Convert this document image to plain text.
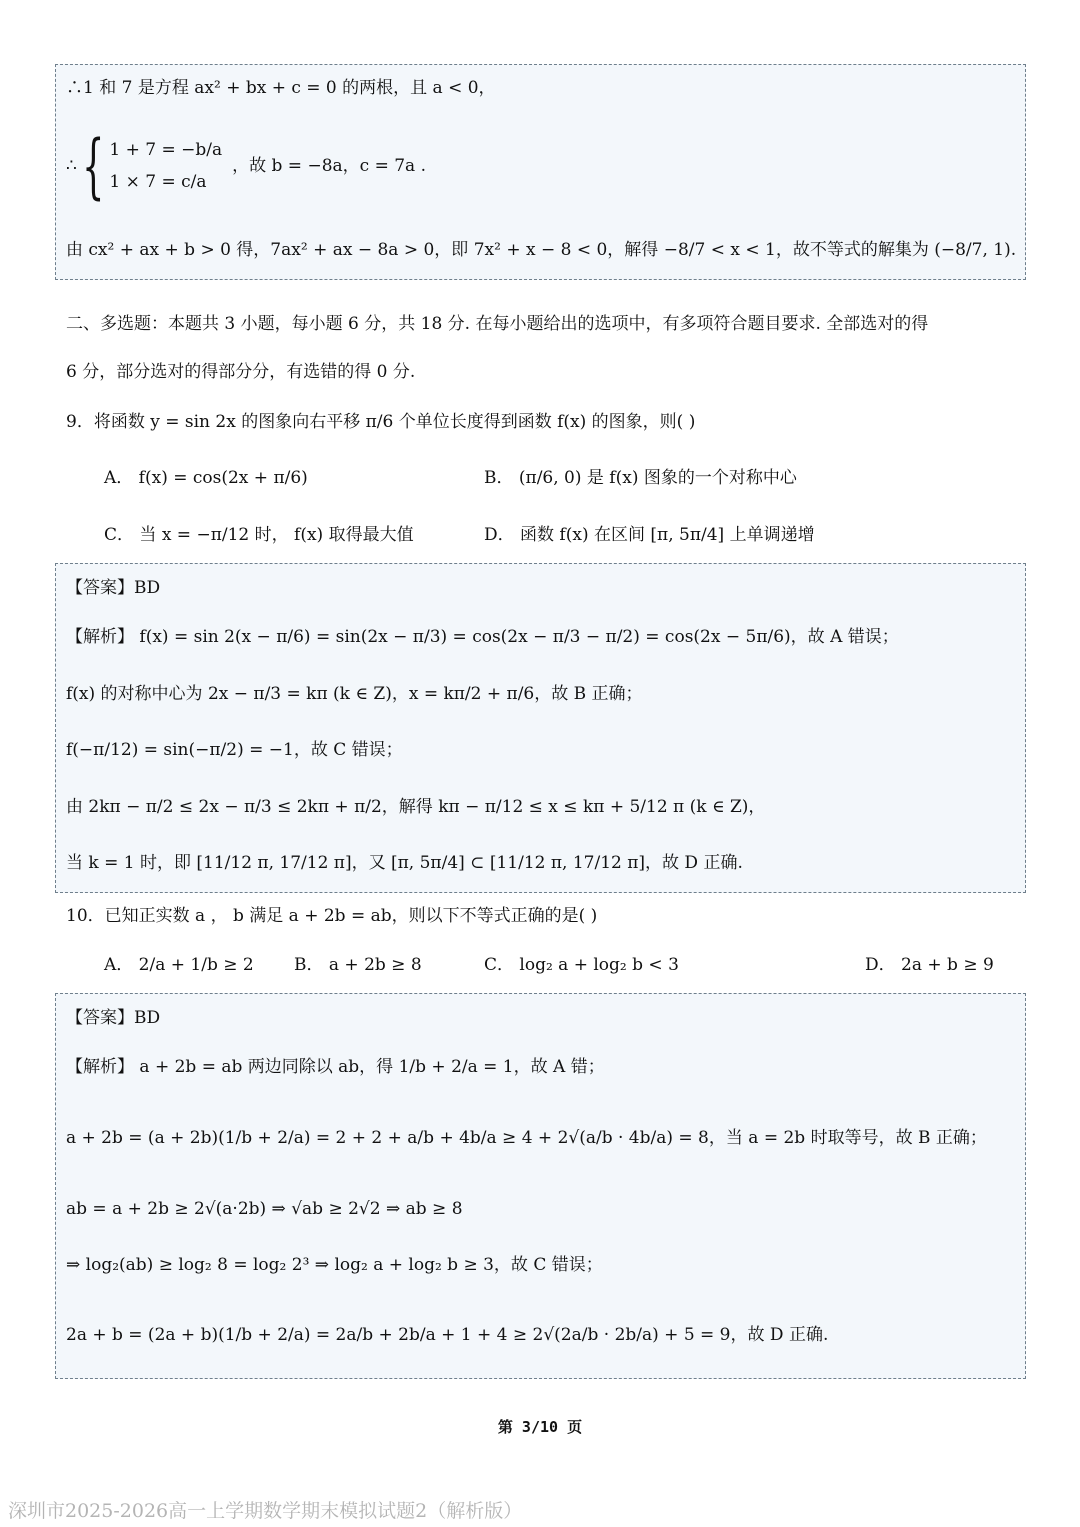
∴1 和 7 是方程 ax² + bx + c = 0 的两根，且 a < 0，
∴ { 1 + 7 = −b/a
1 × 7 = c/a
，故 b = −8a，c = 7a .
由 cx² + ax + b > 0 得，7ax² + ax − 8a > 0，即 7x² + x − 8 < 0，解得 −8/7 < x < 1，故不等式的解集为 (−8/7, 1).
二、多选题：本题共 3 小题，每小题 6 分，共 18 分. 在每小题给出的选项中，有多项符合题目要求. 全部选对的得
6 分，部分选对的得部分分，有选错的得 0 分.
9．将函数 y = sin 2x 的图象向右平移 π/6 个单位长度得到函数 f(x) 的图象，则( )
A． f(x) = cos(2x + π/6)	B． (π/6, 0) 是 f(x) 图象的一个对称中心
C． 当 x = −π/12 时， f(x) 取得最大值	D． 函数 f(x) 在区间 [π, 5π/4] 上单调递增
【答案】BD
【解析】 f(x) = sin 2(x − π/6) = sin(2x − π/3) = cos(2x − π/3 − π/2) = cos(2x − 5π/6)，故 A 错误；
f(x) 的对称中心为 2x − π/3 = kπ (k ∈ Z)，x = kπ/2 + π/6，故 B 正确；
f(−π/12) = sin(−π/2) = −1，故 C 错误；
由 2kπ − π/2 ≤ 2x − π/3 ≤ 2kπ + π/2，解得 kπ − π/12 ≤ x ≤ kπ + 5/12 π (k ∈ Z)，
当 k = 1 时，即 [11/12 π, 17/12 π]，又 [π, 5π/4] ⊂ [11/12 π, 17/12 π]，故 D 正确.
10．已知正实数 a ， b 满足 a + 2b = ab，则以下不等式正确的是( )
A． 2/a + 1/b ≥ 2 B． a + 2b ≥ 8	C． log₂ a + log₂ b < 3	D． 2a + b ≥ 9
【答案】BD
【解析】 a + 2b = ab 两边同除以 ab，得 1/b + 2/a = 1，故 A 错；
a + 2b = (a + 2b)(1/b + 2/a) = 2 + 2 + a/b + 4b/a ≥ 4 + 2√(a/b · 4b/a) = 8，当 a = 2b 时取等号，故 B 正确；
ab = a + 2b ≥ 2√(a·2b) ⇒ √ab ≥ 2√2 ⇒ ab ≥ 8
⇒ log₂(ab) ≥ log₂ 8 = log₂ 2³ ⇒ log₂ a + log₂ b ≥ 3，故 C 错误；
2a + b = (2a + b)(1/b + 2/a) = 2a/b + 2b/a + 1 + 4 ≥ 2√(2a/b · 2b/a) + 5 = 9，故 D 正确.
第 3/10 页
深圳市2025-2026高一上学期数学期末模拟试题2（解析版）
